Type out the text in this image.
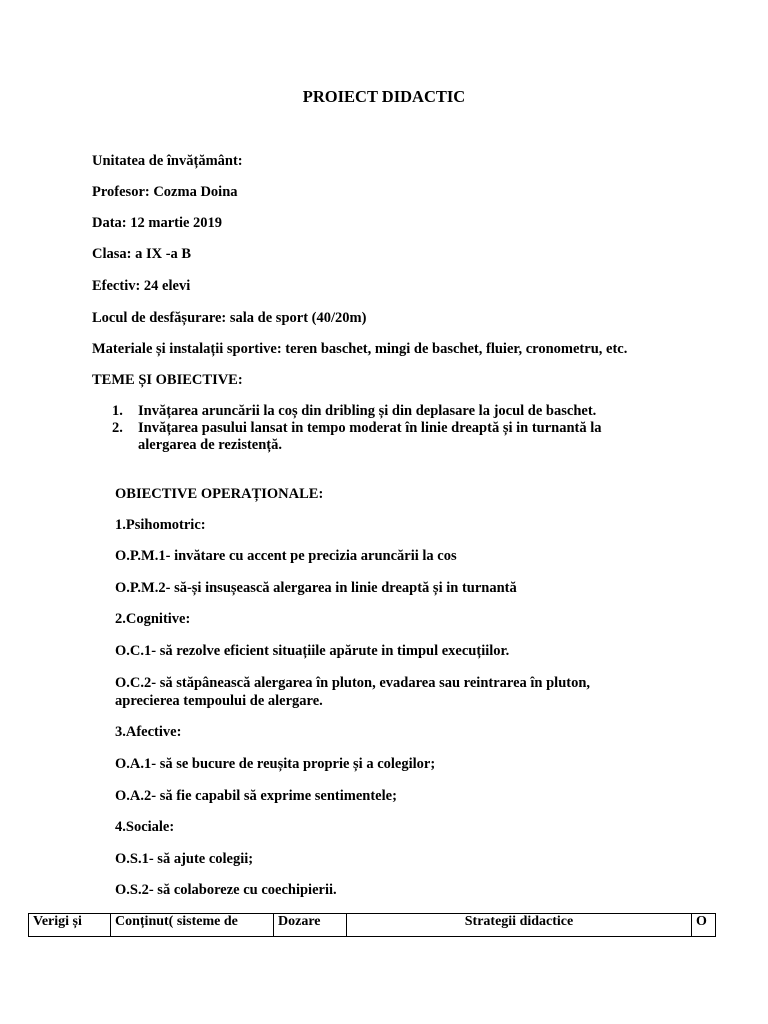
PROIECT DIDACTIC
Unitatea de învățământ:
Profesor: Cozma Doina
Data: 12 martie 2019
Clasa: a IX -a B
Efectiv: 24 elevi
Locul de desfășurare: sala de sport (40/20m)
Materiale și instalații sportive: teren baschet, mingi de baschet, fluier, cronometru, etc.
TEME ȘI OBIECTIVE:
1. Invățarea aruncării la coș din dribling și din deplasare la jocul de baschet.
2. Invățarea pasului lansat in tempo moderat în linie dreaptă și in turnantă la alergarea de rezistență.
OBIECTIVE OPERAȚIONALE:
1.Psihomotric:
O.P.M.1- invătare cu accent pe precizia aruncării la cos
O.P.M.2- să-și insușească alergarea in linie dreaptă și in turnantă
2.Cognitive:
O.C.1- să rezolve eficient situațiile apărute in timpul execuțiilor.
O.C.2- să stăpânească alergarea în pluton, evadarea sau reintrarea în pluton,
aprecierea tempoului de alergare.
3.Afective:
O.A.1- să se bucure de reușita proprie și a colegilor;
O.A.2- să fie capabil să exprime sentimentele;
4.Sociale:
O.S.1- să ajute colegii;
O.S.2- să colaboreze cu coechipierii.
Verigi și	Conținut( sisteme de	Dozare	Strategii didactice	O
